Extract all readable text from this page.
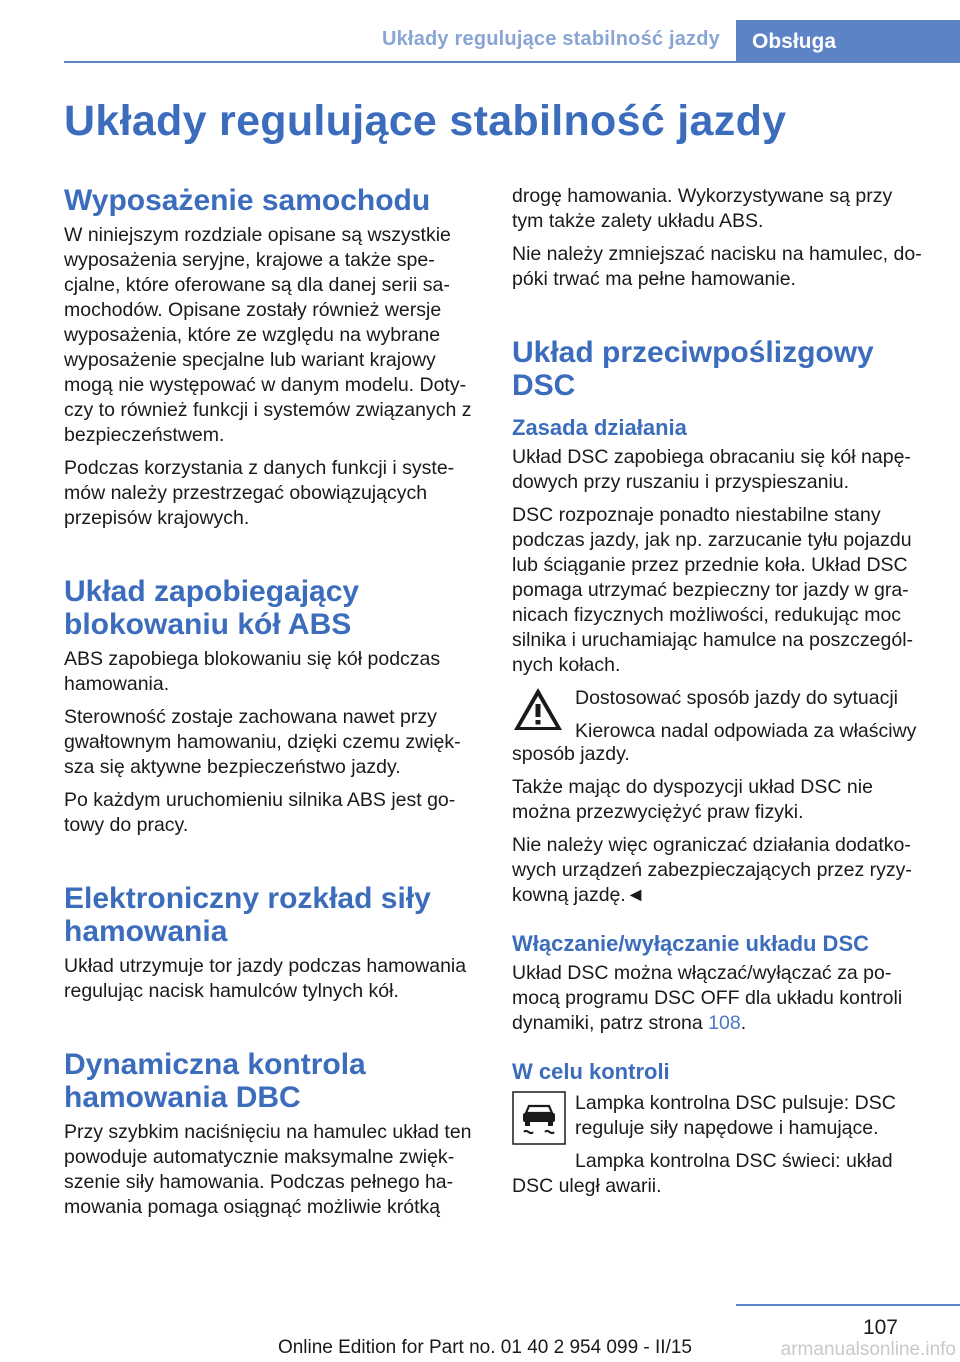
Układy regulujące stabilność jazdy	Obsługa
Układy regulujące stabilność jazdy
Wyposażenie samochodu

W niniejszym rozdziale opisane są wszystkie wyposażenia seryjne, krajowe a także specjalne, które oferowane są dla danej serii samochodów. Opisane zostały również wersje wyposażenia, które ze względu na wybrane wyposażenie specjalne lub wariant krajowy mogą nie występować w danym modelu. Dotyczy to również funkcji i systemów związanych z bezpieczeństwem.

Podczas korzystania z danych funkcji i systemów należy przestrzegać obowiązujących przepisów krajowych.

Układ zapobiegający blokowaniu kół ABS

ABS zapobiega blokowaniu się kół podczas hamowania.

Sterowność zostaje zachowana nawet przy gwałtownym hamowaniu, dzięki czemu zwiększa się aktywne bezpieczeństwo jazdy.

Po każdym uruchomieniu silnika ABS jest gotowy do pracy.

Elektroniczny rozkład siły hamowania

Układ utrzymuje tor jazdy podczas hamowania regulując nacisk hamulców tylnych kół.

Dynamiczna kontrola hamowania DBC

Przy szybkim naciśnięciu na hamulec układ ten powoduje automatycznie maksymalne zwiększenie siły hamowania. Podczas pełnego hamowania pomaga osiągnąć możliwie krótką

drogę hamowania. Wykorzystywane są przy tym także zalety układu ABS.

Nie należy zmniejszać nacisku na hamulec, dopóki trwać ma pełne hamowanie.

Układ przeciwpoślizgowy DSC
Zasada działania

Układ DSC zapobiega obracaniu się kół napędowych przy ruszaniu i przyspieszaniu.

DSC rozpoznaje ponadto niestabilne stany podczas jazdy, jak np. zarzucanie tyłu pojazdu lub ściąganie przez przednie koła. Układ DSC pomaga utrzymać bezpieczny tor jazdy w granicach fizycznych możliwości, redukując moc silnika i uruchamiając hamulce na poszczególnych kołach.

Dostosować sposób jazdy do sytuacji

Kierowca nadal odpowiada za właściwy

sposób jazdy.

Także mając do dyspozycji układ DSC nie można przezwyciężyć praw fizyki.

Nie należy więc ograniczać działania dodatkowych urządzeń zabezpieczających przez ryzykowną jazdę.◄

Włączanie/wyłączanie układu DSC

Układ DSC można włączać/wyłączać za pomocą programu DSC OFF dla układu kontroli dynamiki, patrz strona 108.

W celu kontroli

Lampka kontrolna DSC pulsuje: DSC reguluje siły napędowe i hamujące.

Lampka kontrolna DSC świeci: układ

DSC uległ awarii.

107
Online Edition for Part no. 01 40 2 954 099 - II/15	armanualsonline.info
